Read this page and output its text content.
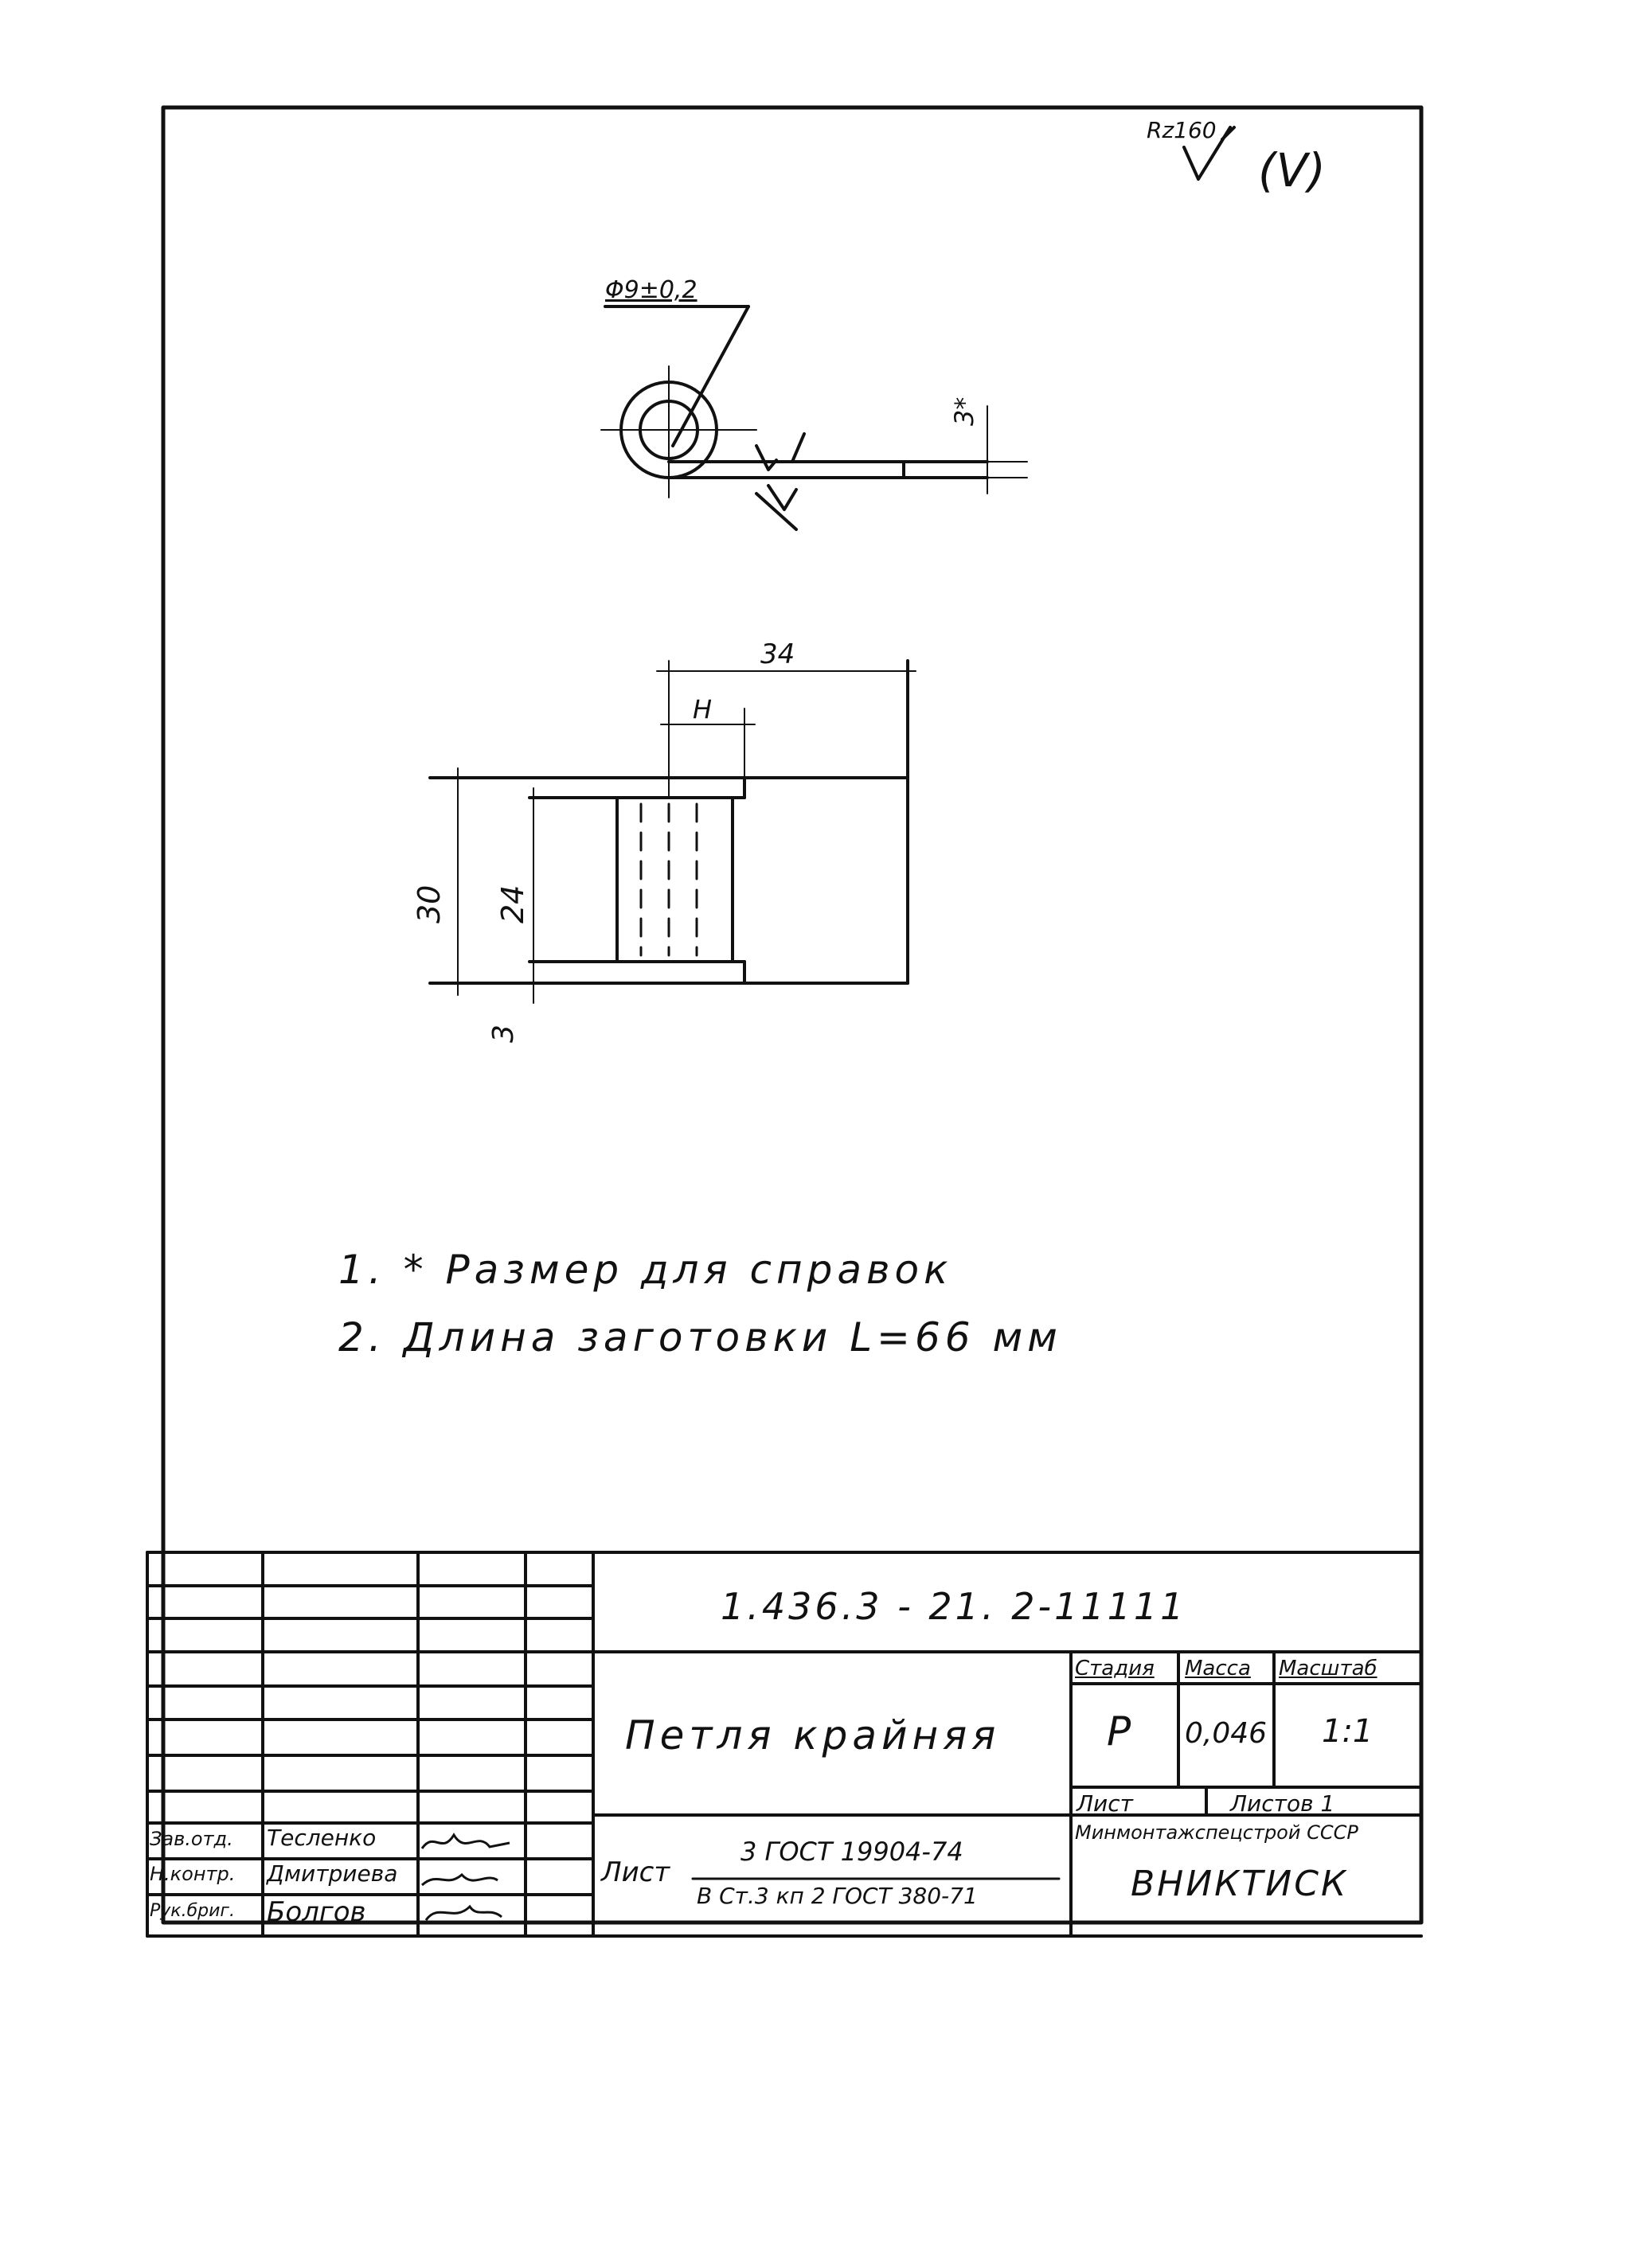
Rz160
(V)
Φ9±0,2
3*
34
H
30 24
3
1. * Размер для справок
2. Длина заготовки L=66 мм
1.436.3 - 21. 2-11111
Петля крайняя
Стадия Масса Масштаб
Р 0,046 1:1
Лист	Листов 1
Лист
3 ГОСТ 19904-74
В Ст.3 кп 2 ГОСТ 380-71
Минмонтажспецстрой СССР
ВНИКТИСК
Зав.отд. Тесленко
Н.контр. Дмитриева
Рук.бриг. Болгов
